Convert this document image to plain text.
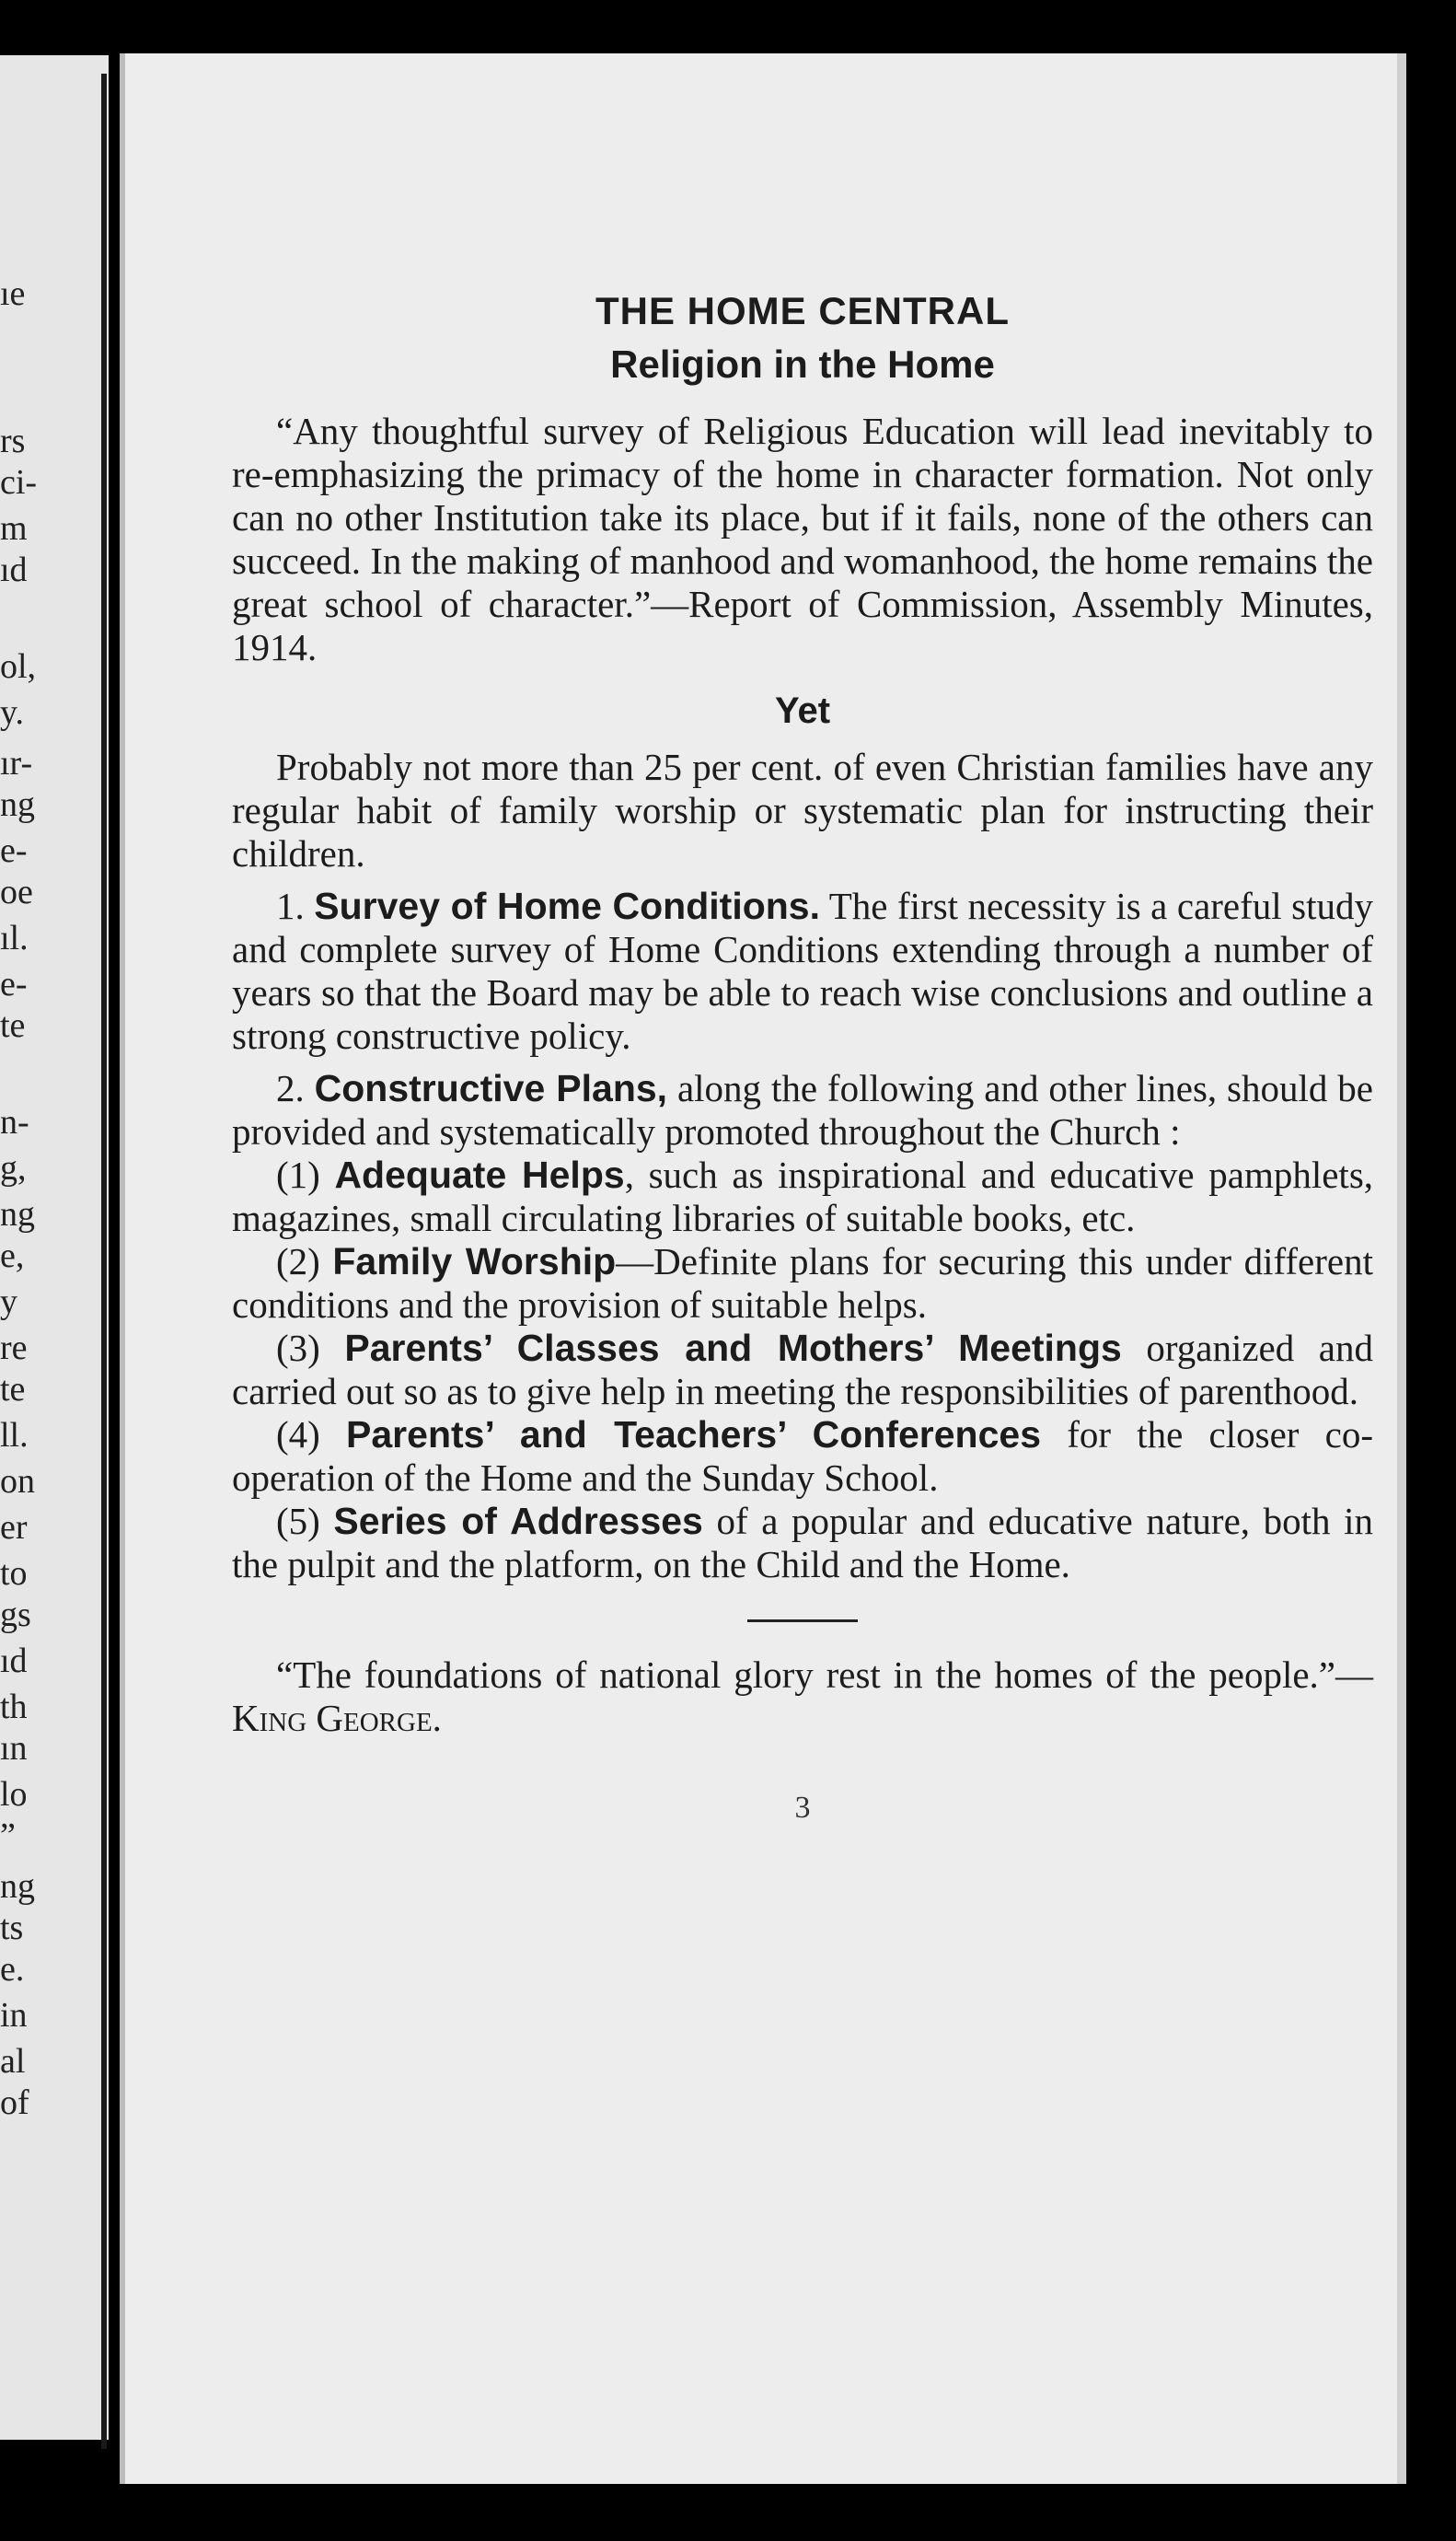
ıe
rs
ci-
m
ıd
ol,
y.
ır-
ng
e-
oe
ıl.
e-
te
n-
g,
ng
e,
y
re
te
ll.
on
er
to
gs
ıd
th
ın
lo
”
ng
ts
e.
in
al
of
THE HOME CENTRAL
Religion in the Home

“Any thoughtful survey of Religious Education will lead inevitably to re-emphasizing the primacy of the home in character formation. Not only can no other Institution take its place, but if it fails, none of the others can succeed. In the making of manhood and womanhood, the home remains the great school of character.”—Report of Commission, Assembly Minutes, 1914.

Yet

Probably not more than 25 per cent. of even Christian families have any regular habit of family worship or systematic plan for instructing their children.

1. Survey of Home Conditions. The first necessity is a careful study and complete survey of Home Conditions extending through a number of years so that the Board may be able to reach wise conclusions and outline a strong constructive policy.

2. Constructive Plans, along the following and other lines, should be provided and systematically promoted throughout the Church :

(1) Adequate Helps, such as inspirational and educative pamphlets, magazines, small circulating libraries of suitable books, etc.

(2) Family Worship—Definite plans for securing this under different conditions and the provision of suitable helps.

(3) Parents’ Classes and Mothers’ Meetings organized and carried out so as to give help in meeting the responsibilities of parenthood.

(4) Parents’ and Teachers’ Conferences for the closer co-operation of the Home and the Sunday School.

(5) Series of Addresses of a popular and educative nature, both in the pulpit and the platform, on the Child and the Home.

“The foundations of national glory rest in the homes of the people.”—King George.

3
